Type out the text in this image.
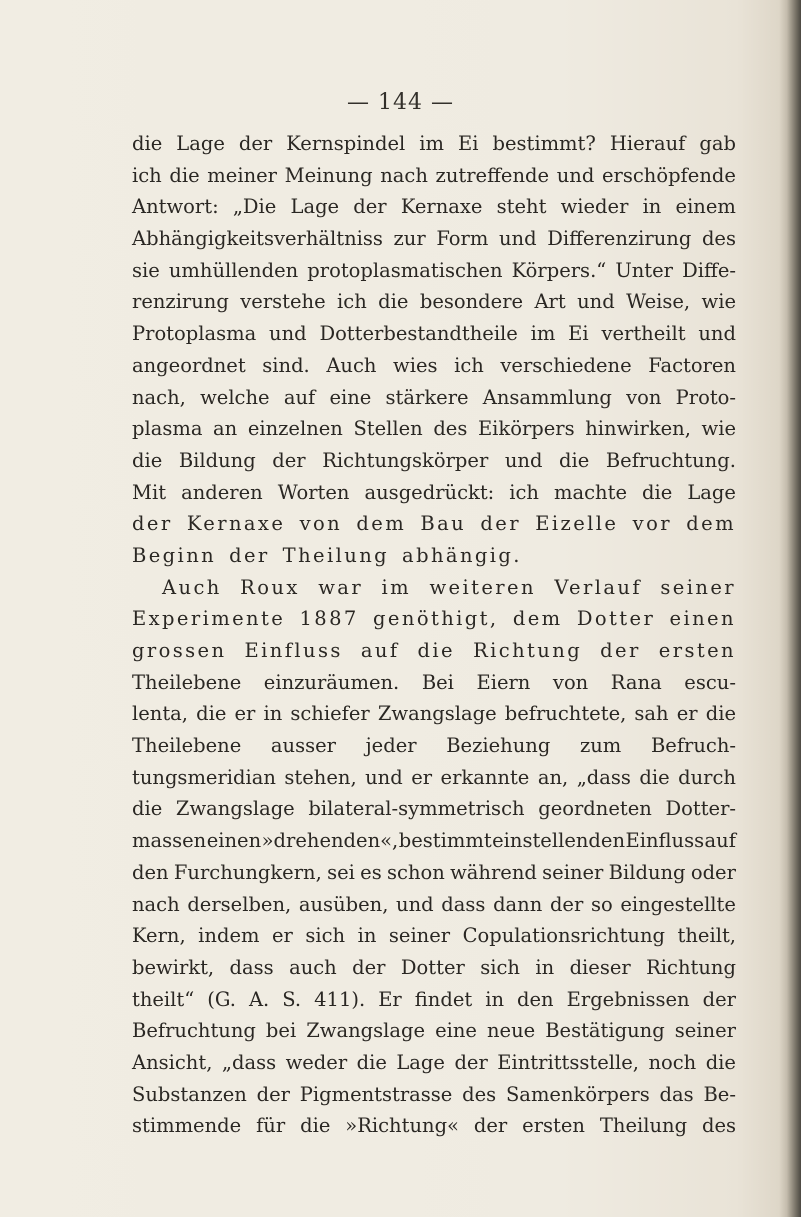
— 144 —
die Lage der Kernspindel im Ei bestimmt? Hierauf gab
ich die meiner Meinung nach zutreffende und erschöpfende
Antwort: „Die Lage der Kernaxe steht wieder in einem
Abhängigkeitsverhältniss zur Form und Differenzirung des
sie umhüllenden protoplasmatischen Körpers.“ Unter Diffe-
renzirung verstehe ich die besondere Art und Weise, wie
Protoplasma und Dotterbestandtheile im Ei vertheilt und
angeordnet sind. Auch wies ich verschiedene Factoren
nach, welche auf eine stärkere Ansammlung von Proto-
plasma an einzelnen Stellen des Eikörpers hinwirken, wie
die Bildung der Richtungskörper und die Befruchtung.
Mit anderen Worten ausgedrückt: ich machte die Lage
der Kernaxe von dem Bau der Eizelle vor dem
Beginn der Theilung abhängig.
Auch Roux war im weiteren Verlauf seiner
Experimente 1887 genöthigt, dem Dotter einen
grossen Einfluss auf die Richtung der ersten
Theilebene einzuräumen. Bei Eiern von Rana escu-
lenta, die er in schiefer Zwangslage befruchtete, sah er die
Theilebene ausser jeder Beziehung zum Befruch-
tungsmeridian stehen, und er erkannte an, „dass die durch
die Zwangslage bilateral-symmetrisch geordneten Dotter-
massen einen »drehenden«, bestimmt einstellenden Einfluss auf
den Furchungkern, sei es schon während seiner Bildung oder
nach derselben, ausüben, und dass dann der so eingestellte
Kern, indem er sich in seiner Copulationsrichtung theilt,
bewirkt, dass auch der Dotter sich in dieser Richtung
theilt“ (G. A. S. 411). Er findet in den Ergebnissen der
Befruchtung bei Zwangslage eine neue Bestätigung seiner
Ansicht, „dass weder die Lage der Eintrittsstelle, noch die
Substanzen der Pigmentstrasse des Samenkörpers das Be-
stimmende für die »Richtung« der ersten Theilung des
